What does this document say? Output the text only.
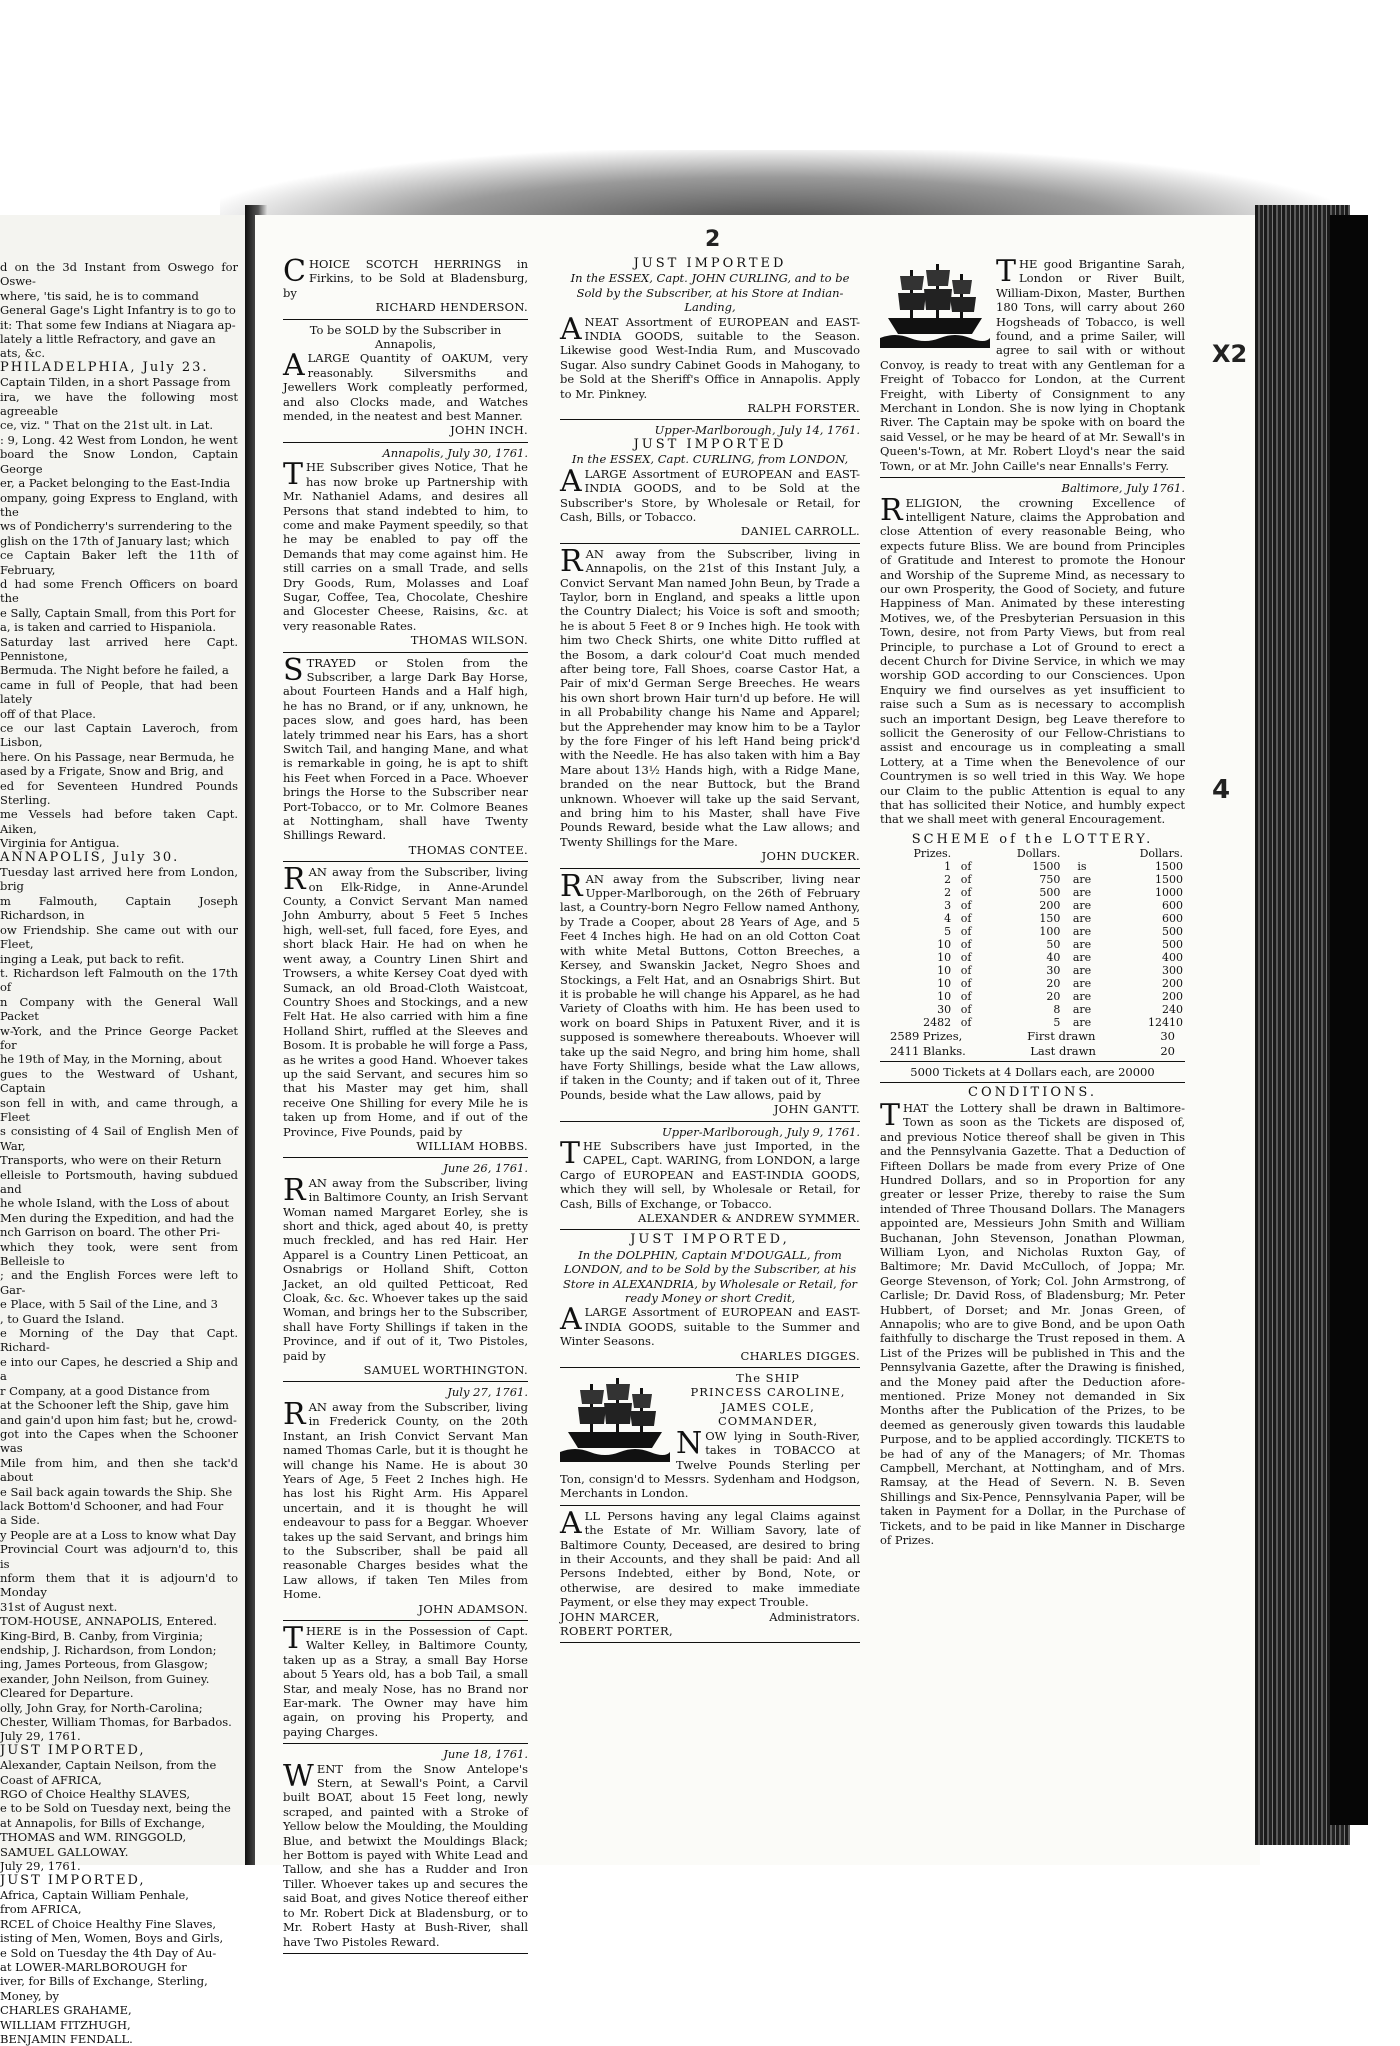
d on the 3d Instant from Oswego for Oswe-
where, 'tis said, he is to command
General Gage's Light Infantry is to go to
it: That some few Indians at Niagara ap-
lately a little Refractory, and gave an
ats, &c.
PHILADELPHIA, July 23.
Captain Tilden, in a short Passage from
ira, we have the following most agreeable
ce, viz. " That on the 21st ult. in Lat.
: 9, Long. 42 West from London, he went
board the Snow London, Captain George
er, a Packet belonging to the East-India
ompany, going Express to England, with the
ws of Pondicherry's surrendering to the
glish on the 17th of January last; which
ce Captain Baker left the 11th of February,
d had some French Officers on board the
e Sally, Captain Small, from this Port for
a, is taken and carried to Hispaniola.
Saturday last arrived here Capt. Pennistone,
Bermuda. The Night before he failed, a
came in full of People, that had been lately
off of that Place.
ce our last Captain Laveroch, from Lisbon,
here. On his Passage, near Bermuda, he
ased by a Frigate, Snow and Brig, and
ed for Seventeen Hundred Pounds Sterling.
me Vessels had before taken Capt. Aiken,
Virginia for Antigua.
ANNAPOLIS, July 30.
Tuesday last arrived here from London, brig
m Falmouth, Captain Joseph Richardson, in
ow Friendship. She came out with our Fleet,
inging a Leak, put back to refit.
t. Richardson left Falmouth on the 17th of
n Company with the General Wall Packet
w-York, and the Prince George Packet for
he 19th of May, in the Morning, about
gues to the Westward of Ushant, Captain
son fell in with, and came through, a Fleet
s consisting of 4 Sail of English Men of War,
Transports, who were on their Return
elleisle to Portsmouth, having subdued and
he whole Island, with the Loss of about
Men during the Expedition, and had the
nch Garrison on board. The other Pri-
which they took, were sent from Belleisle to
; and the English Forces were left to Gar-
e Place, with 5 Sail of the Line, and 3
, to Guard the Island.
e Morning of the Day that Capt. Richard-
e into our Capes, he descried a Ship and a
r Company, at a good Distance from
at the Schooner left the Ship, gave him
and gain'd upon him fast; but he, crowd-
got into the Capes when the Schooner was
Mile from him, and then she tack'd about
e Sail back again towards the Ship. She
lack Bottom'd Schooner, and had Four
a Side.
y People are at a Loss to know what Day
Provincial Court was adjourn'd to, this is
nform them that it is adjourn'd to Monday
31st of August next.
TOM-HOUSE, ANNAPOLIS, Entered.
King-Bird, B. Canby, from Virginia;
endship, J. Richardson, from London;
ing, James Porteous, from Glasgow;
exander, John Neilson, from Guiney.
Cleared for Departure.
olly, John Gray, for North-Carolina;
Chester, William Thomas, for Barbados.
July 29, 1761.
JUST IMPORTED,
Alexander, Captain Neilson, from the
Coast of AFRICA,
RGO of Choice Healthy SLAVES,
e to be Sold on Tuesday next, being the
at Annapolis, for Bills of Exchange,
THOMAS and WM. RINGGOLD,
SAMUEL GALLOWAY.
July 29, 1761.
JUST IMPORTED,
Africa, Captain William Penhale,
from AFRICA,
RCEL of Choice Healthy Fine Slaves,
isting of Men, Women, Boys and Girls,
e Sold on Tuesday the 4th Day of Au-
at LOWER-MARLBOROUGH for
iver, for Bills of Exchange, Sterling,
Money, by
CHARLES GRAHAME,
WILLIAM FITZHUGH,
BENJAMIN FENDALL.
2

CHOICE SCOTCH HERRINGS in Firkins, to be Sold at Bladensburg, by

RICHARD HENDERSON.
To be SOLD by the Subscriber in Annapolis,

A LARGE Quantity of OAKUM, very reasonably. Silversmiths and Jewellers Work compleatly performed, and also Clocks made, and Watches mended, in the neatest and best Manner.

JOHN INCH.
Annapolis, July 30, 1761.

THE Subscriber gives Notice, That he has now broke up Partnership with Mr. Nathaniel Adams, and desires all Persons that stand indebted to him, to come and make Payment speedily, so that he may be enabled to pay off the Demands that may come against him. He still carries on a small Trade, and sells Dry Goods, Rum, Molasses and Loaf Sugar, Coffee, Tea, Chocolate, Cheshire and Glocester Cheese, Raisins, &c. at very reasonable Rates.

THOMAS WILSON.

STRAYED or Stolen from the Subscriber, a large Dark Bay Horse, about Fourteen Hands and a Half high, he has no Brand, or if any, unknown, he paces slow, and goes hard, has been lately trimmed near his Ears, has a short Switch Tail, and hanging Mane, and what is remarkable in going, he is apt to shift his Feet when Forced in a Pace. Whoever brings the Horse to the Subscriber near Port-Tobacco, or to Mr. Colmore Beanes at Nottingham, shall have Twenty Shillings Reward.

THOMAS CONTEE.

RAN away from the Subscriber, living on Elk-Ridge, in Anne-Arundel County, a Convict Servant Man named John Amburry, about 5 Feet 5 Inches high, well-set, full faced, fore Eyes, and short black Hair. He had on when he went away, a Country Linen Shirt and Trowsers, a white Kersey Coat dyed with Sumack, an old Broad-Cloth Waistcoat, Country Shoes and Stockings, and a new Felt Hat. He also carried with him a fine Holland Shirt, ruffled at the Sleeves and Bosom. It is probable he will forge a Pass, as he writes a good Hand. Whoever takes up the said Servant, and secures him so that his Master may get him, shall receive One Shilling for every Mile he is taken up from Home, and if out of the Province, Five Pounds, paid by

WILLIAM HOBBS.
June 26, 1761.

RAN away from the Subscriber, living in Baltimore County, an Irish Servant Woman named Margaret Eorley, she is short and thick, aged about 40, is pretty much freckled, and has red Hair. Her Apparel is a Country Linen Petticoat, an Osnabrigs or Holland Shift, Cotton Jacket, an old quilted Petticoat, Red Cloak, &c. &c. Whoever takes up the said Woman, and brings her to the Subscriber, shall have Forty Shillings if taken in the Province, and if out of it, Two Pistoles, paid by

SAMUEL WORTHINGTON.
July 27, 1761.

RAN away from the Subscriber, living in Frederick County, on the 20th Instant, an Irish Convict Servant Man named Thomas Carle, but it is thought he will change his Name. He is about 30 Years of Age, 5 Feet 2 Inches high. He has lost his Right Arm. His Apparel uncertain, and it is thought he will endeavour to pass for a Beggar. Whoever takes up the said Servant, and brings him to the Subscriber, shall be paid all reasonable Charges besides what the Law allows, if taken Ten Miles from Home.

JOHN ADAMSON.

THERE is in the Possession of Capt. Walter Kelley, in Baltimore County, taken up as a Stray, a small Bay Horse about 5 Years old, has a bob Tail, a small Star, and mealy Nose, has no Brand nor Ear-mark. The Owner may have him again, on proving his Property, and paying Charges.

June 18, 1761.

WENT from the Snow Antelope's Stern, at Sewall's Point, a Carvil built BOAT, about 15 Feet long, newly scraped, and painted with a Stroke of Yellow below the Moulding, the Moulding Blue, and betwixt the Mouldings Black; her Bottom is payed with White Lead and Tallow, and she has a Rudder and Iron Tiller. Whoever takes up and secures the said Boat, and gives Notice thereof either to Mr. Robert Dick at Bladensburg, or to Mr. Robert Hasty at Bush-River, shall have Two Pistoles Reward.

JUST IMPORTED
In the ESSEX, Capt. JOHN CURLING, and to be Sold by the Subscriber, at his Store at Indian-Landing,

A NEAT Assortment of EUROPEAN and EAST-INDIA GOODS, suitable to the Season. Likewise good West-India Rum, and Muscovado Sugar. Also sundry Cabinet Goods in Mahogany, to be Sold at the Sheriff's Office in Annapolis. Apply to Mr. Pinkney.

RALPH FORSTER.
Upper-Marlborough, July 14, 1761.
JUST IMPORTED
In the ESSEX, Capt. CURLING, from LONDON,

A LARGE Assortment of EUROPEAN and EAST-INDIA GOODS, and to be Sold at the Subscriber's Store, by Wholesale or Retail, for Cash, Bills, or Tobacco.

DANIEL CARROLL.

RAN away from the Subscriber, living in Annapolis, on the 21st of this Instant July, a Convict Servant Man named John Beun, by Trade a Taylor, born in England, and speaks a little upon the Country Dialect; his Voice is soft and smooth; he is about 5 Feet 8 or 9 Inches high. He took with him two Check Shirts, one white Ditto ruffled at the Bosom, a dark colour'd Coat much mended after being tore, Fall Shoes, coarse Castor Hat, a Pair of mix'd German Serge Breeches. He wears his own short brown Hair turn'd up before. He will in all Probability change his Name and Apparel; but the Apprehender may know him to be a Taylor by the fore Finger of his left Hand being prick'd with the Needle. He has also taken with him a Bay Mare about 13½ Hands high, with a Ridge Mane, branded on the near Buttock, but the Brand unknown. Whoever will take up the said Servant, and bring him to his Master, shall have Five Pounds Reward, beside what the Law allows; and Twenty Shillings for the Mare.

JOHN DUCKER.

RAN away from the Subscriber, living near Upper-Marlborough, on the 26th of February last, a Country-born Negro Fellow named Anthony, by Trade a Cooper, about 28 Years of Age, and 5 Feet 4 Inches high. He had on an old Cotton Coat with white Metal Buttons, Cotton Breeches, a Kersey, and Swanskin Jacket, Negro Shoes and Stockings, a Felt Hat, and an Osnabrigs Shirt. But it is probable he will change his Apparel, as he had Variety of Cloaths with him. He has been used to work on board Ships in Patuxent River, and it is supposed is somewhere thereabouts. Whoever will take up the said Negro, and bring him home, shall have Forty Shillings, beside what the Law allows, if taken in the County; and if taken out of it, Three Pounds, beside what the Law allows, paid by

JOHN GANTT.
Upper-Marlborough, July 9, 1761.

THE Subscribers have just Imported, in the CAPEL, Capt. WARING, from LONDON, a large Cargo of EUROPEAN and EAST-INDIA GOODS, which they will sell, by Wholesale or Retail, for Cash, Bills of Exchange, or Tobacco.

ALEXANDER & ANDREW SYMMER.
JUST IMPORTED,
In the DOLPHIN, Captain M'DOUGALL, from LONDON, and to be Sold by the Subscriber, at his Store in ALEXANDRIA, by Wholesale or Retail, for ready Money or short Credit,

A LARGE Assortment of EUROPEAN and EAST-INDIA GOODS, suitable to the Summer and Winter Seasons.

CHARLES DIGGES.
The SHIP
PRINCESS CAROLINE,
JAMES COLE,
COMMANDER,

NOW lying in South-River, takes in TOBACCO at Twelve Pounds Sterling per Ton, consign'd to Messrs. Sydenham and Hodgson, Merchants in London.

ALL Persons having any legal Claims against the Estate of Mr. William Savory, late of Baltimore County, Deceased, are desired to bring in their Accounts, and they shall be paid: And all Persons Indebted, either by Bond, Note, or otherwise, are desired to make immediate Payment, or else they may expect Trouble.

JOHN MARCER,
ROBERT PORTER,
Administrators.

THE good Brigantine Sarah, London or River Built, William-Dixon, Master, Burthen 180 Tons, will carry about 260 Hogsheads of Tobacco, is well found, and a prime Sailer, will agree to sail with or without Convoy, is ready to treat with any Gentleman for a Freight of Tobacco for London, at the Current Freight, with Liberty of Consignment to any Merchant in London. She is now lying in Choptank River. The Captain may be spoke with on board the said Vessel, or he may be heard of at Mr. Sewall's in Queen's-Town, at Mr. Robert Lloyd's near the said Town, or at Mr. John Caille's near Ennalls's Ferry.

Baltimore, July 1761.

RELIGION, the crowning Excellence of intelligent Nature, claims the Approbation and close Attention of every reasonable Being, who expects future Bliss. We are bound from Principles of Gratitude and Interest to promote the Honour and Worship of the Supreme Mind, as necessary to our own Prosperity, the Good of Society, and future Happiness of Man. Animated by these interesting Motives, we, of the Presbyterian Persuasion in this Town, desire, not from Party Views, but from real Principle, to purchase a Lot of Ground to erect a decent Church for Divine Service, in which we may worship GOD according to our Consciences. Upon Enquiry we find ourselves as yet insufficient to raise such a Sum as is necessary to accomplish such an important Design, beg Leave therefore to sollicit the Generosity of our Fellow-Christians to assist and encourage us in compleating a small Lottery, at a Time when the Benevolence of our Countrymen is so well tried in this Way. We hope our Claim to the public Attention is equal to any that has sollicited their Notice, and humbly expect that we shall meet with general Encouragement.

SCHEME of the LOTTERY.
Prizes.		Dollars.		Dollars.
1	of	1500	is	1500
2	of	750	are	1500
2	of	500	are	1000
3	of	200	are	600
4	of	150	are	600
5	of	100	are	500
10	of	50	are	500
10	of	40	are	400
10	of	30	are	300
10	of	20	are	200
10	of	20	are	200
30	of	8	are	240
2482	of	5	are	12410
2589 Prizes,	First drawn	30
2411 Blanks.	Last drawn	20
5000 Tickets at 4 Dollars each, are 20000
CONDITIONS.

THAT the Lottery shall be drawn in Baltimore-Town as soon as the Tickets are disposed of, and previous Notice thereof shall be given in This and the Pennsylvania Gazette. That a Deduction of Fifteen Dollars be made from every Prize of One Hundred Dollars, and so in Proportion for any greater or lesser Prize, thereby to raise the Sum intended of Three Thousand Dollars. The Managers appointed are, Messieurs John Smith and William Buchanan, John Stevenson, Jonathan Plowman, William Lyon, and Nicholas Ruxton Gay, of Baltimore; Mr. David McCulloch, of Joppa; Mr. George Stevenson, of York; Col. John Armstrong, of Carlisle; Dr. David Ross, of Bladensburg; Mr. Peter Hubbert, of Dorset; and Mr. Jonas Green, of Annapolis; who are to give Bond, and be upon Oath faithfully to discharge the Trust reposed in them. A List of the Prizes will be published in This and the Pennsylvania Gazette, after the Drawing is finished, and the Money paid after the Deduction afore-mentioned. Prize Money not demanded in Six Months after the Publication of the Prizes, to be deemed as generously given towards this laudable Purpose, and to be applied accordingly. TICKETS to be had of any of the Managers; of Mr. Thomas Campbell, Merchant, at Nottingham, and of Mrs. Ramsay, at the Head of Severn. N. B. Seven Shillings and Six-Pence, Pennsylvania Paper, will be taken in Payment for a Dollar, in the Purchase of Tickets, and to be paid in like Manner in Discharge of Prizes.

X2
4
